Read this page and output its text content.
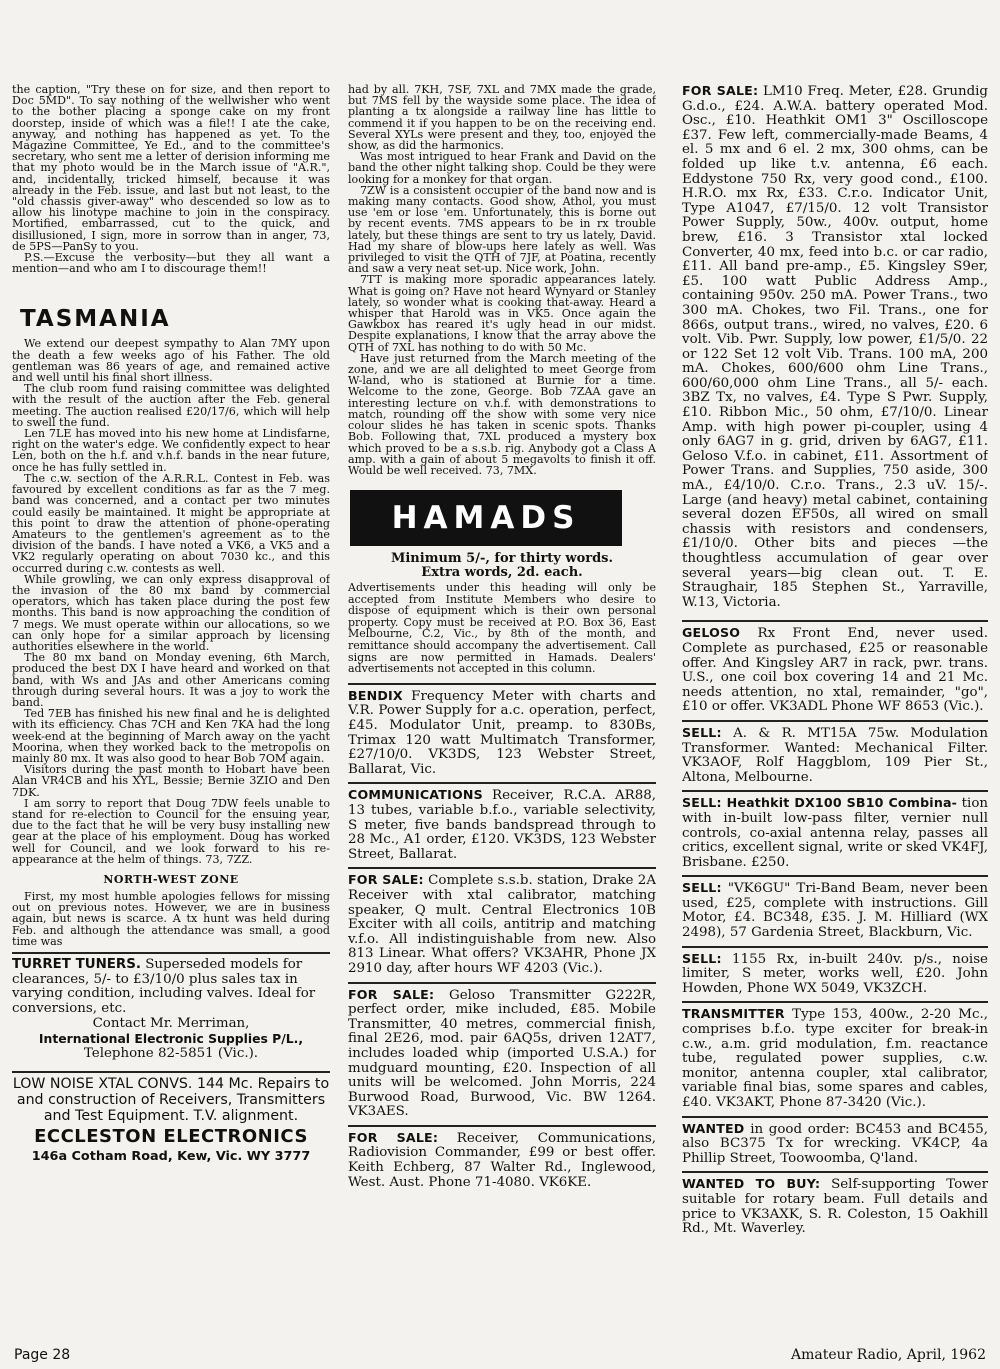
the caption, "Try these on for size, and then report to Doc 5MD". To say nothing of the wellwisher who went to the bother placing a sponge cake on my front doorstep, inside of which was a file!! I ate the cake, anyway, and nothing has happened as yet. To the Magazine Committee, Ye Ed., and to the committee's secretary, who sent me a letter of derision informing me that my photo would be in the March issue of "A.R.", and, incidentally, tricked himself, because it was already in the Feb. issue, and last but not least, to the "old chassis giver-away" who descended so low as to allow his linotype machine to join in the conspiracy. Mortified, embarrassed, cut to the quick, and disillusioned, I sign, more in sorrow than in anger, 73, de 5PS—PanSy to you.

P.S.—Excuse the verbosity—but they all want a mention—and who am I to discourage them!!

TASMANIA

We extend our deepest sympathy to Alan 7MY upon the death a few weeks ago of his Father. The old gentleman was 86 years of age, and remained active and well until his final short illness.

The club room fund raising committee was delighted with the result of the auction after the Feb. general meeting. The auction realised £20/17/6, which will help to swell the fund.

Len 7LE has moved into his new home at Lindisfarne, right on the water's edge. We confidently expect to hear Len, both on the h.f. and v.h.f. bands in the near future, once he has fully settled in.

The c.w. section of the A.R.R.L. Contest in Feb. was favoured by excellent conditions as far as the 7 meg. band was concerned, and a contact per two minutes could easily be maintained. It might be appropriate at this point to draw the attention of phone-operating Amateurs to the gentlemen's agreement as to the division of the bands. I have noted a VK6, a VK5 and a VK2 regularly operating on about 7030 kc., and this occurred during c.w. contests as well.

While growling, we can only express disapproval of the invasion of the 80 mx band by commercial operators, which has taken place during the post few months. This band is now approaching the condition of 7 megs. We must operate within our allocations, so we can only hope for a similar approach by licensing authorities elsewhere in the world.

The 80 mx band on Monday evening, 6th March, produced the best DX I have heard and worked on that band, with Ws and JAs and other Americans coming through during several hours. It was a joy to work the band.

Ted 7EB has finished his new final and he is delighted with its efficiency. Chas 7CH and Ken 7KA had the long week-end at the beginning of March away on the yacht Moorina, when they worked back to the metropolis on mainly 80 mx. It was also good to hear Bob 7OM again.

Visitors during the past month to Hobart have been Alan VR4CB and his XYL, Bessie; Bernie 3ZIO and Den 7DK.

I am sorry to report that Doug 7DW feels unable to stand for re-election to Council for the ensuing year, due to the fact that he will be very busy installing new gear at the place of his employment. Doug has worked well for Council, and we look forward to his re-appearance at the helm of things. 73, 7ZZ.

NORTH-WEST ZONE

First, my most humble apologies fellows for missing out on previous notes. However, we are in business again, but news is scarce. A tx hunt was held during Feb. and although the attendance was small, a good time was

TURRET TUNERS. Superseded models for clearances, 5/- to £3/10/0 plus sales tax in varying condition, including valves. Ideal for conversions, etc.

Contact Mr. Merriman,

International Electronic Supplies P/L.,

Telephone 82-5851 (Vic.).

LOW NOISE XTAL CONVS. 144 Mc. Repairs to and construction of Receivers, Transmitters and Test Equipment. T.V. alignment.

ECCLESTON ELECTRONICS

146a Cotham Road, Kew, Vic. WY 3777

had by all. 7KH, 7SF, 7XL and 7MX made the grade, but 7MS fell by the wayside some place. The idea of planting a tx alongside a railway line has little to commend it if you happen to be on the receiving end. Several XYLs were present and they, too, enjoyed the show, as did the harmonics.

Was most intrigued to hear Frank and David on the band the other night talking shop. Could be they were looking for a monkey for that organ.

7ZW is a consistent occupier of the band now and is making many contacts. Good show, Athol, you must use 'em or lose 'em. Unfortunately, this is borne out by recent events. 7MS appears to be in rx trouble lately, but these things are sent to try us lately, David. Had my share of blow-ups here lately as well. Was privileged to visit the QTH of 7JF, at Poatina, recently and saw a very neat set-up. Nice work, John.

7TT is making more sporadic appearances lately. What is going on? Have not heard Wynyard or Stanley lately, so wonder what is cooking that-away. Heard a whisper that Harold was in VK5. Once again the Gawkbox has reared it's ugly head in our midst. Despite explanations, I know that the array above the QTH of 7XL has nothing to do with 50 Mc.

Have just returned from the March meeting of the zone, and we are all delighted to meet George from W-land, who is stationed at Burnie for a time. Welcome to the zone, George. Bob 7ZAA gave an interesting lecture on v.h.f. with demonstrations to match, rounding off the show with some very nice colour slides he has taken in scenic spots. Thanks Bob. Following that, 7XL produced a mystery box which proved to be a s.s.b. rig. Anybody got a Class A amp. with a gain of about 5 megavolts to finish it off. Would be well received. 73, 7MX.

HAMADS

Minimum 5/-, for thirty words.

Extra words, 2d. each.

Advertisements under this heading will only be accepted from Institute Members who desire to dispose of equipment which is their own personal property. Copy must be received at P.O. Box 36, East Melbourne, C.2, Vic., by 8th of the month, and remittance should accompany the advertisement. Call signs are now permitted in Hamads. Dealers' advertisements not accepted in this column.

BENDIX Frequency Meter with charts and V.R. Power Supply for a.c. operation, perfect, £45. Modulator Unit, preamp. to 830Bs, Trimax 120 watt Multimatch Transformer, £27/10/0. VK3DS, 123 Webster Street, Ballarat, Vic.

COMMUNICATIONS Receiver, R.C.A. AR88, 13 tubes, variable b.f.o., variable selectivity, S meter, five bands bandspread through to 28 Mc., A1 order, £120. VK3DS, 123 Webster Street, Ballarat.

FOR SALE: Complete s.s.b. station, Drake 2A Receiver with xtal calibrator, matching speaker, Q mult. Central Electronics 10B Exciter with all coils, antitrip and matching v.f.o. All indistinguishable from new. Also 813 Linear. What offers? VK3AHR, Phone JX 2910 day, after hours WF 4203 (Vic.).

FOR SALE: Geloso Transmitter G222R, perfect order, mike included, £85. Mobile Transmitter, 40 metres, commercial finish, final 2E26, mod. pair 6AQ5s, driven 12AT7, includes loaded whip (imported U.S.A.) for mudguard mounting, £20. Inspection of all units will be welcomed. John Morris, 224 Burwood Road, Burwood, Vic. BW 1264. VK3AES.

FOR SALE: Receiver, Communications, Radiovision Commander, £99 or best offer. Keith Echberg, 87 Walter Rd., Inglewood, West. Aust. Phone 71-4080. VK6KE.

FOR SALE: LM10 Freq. Meter, £28. Grundig G.d.o., £24. A.W.A. battery operated Mod. Osc., £10. Heathkit OM1 3" Oscilloscope £37. Few left, commercially-made Beams, 4 el. 5 mx and 6 el. 2 mx, 300 ohms, can be folded up like t.v. antenna, £6 each. Eddystone 750 Rx, very good cond., £100. H.R.O. mx Rx, £33. C.r.o. Indicator Unit, Type A1047, £7/15/0. 12 volt Transistor Power Supply, 50w., 400v. output, home brew, £16. 3 Transistor xtal locked Converter, 40 mx, feed into b.c. or car radio, £11. All band pre-amp., £5. Kingsley S9er, £5. 100 watt Public Address Amp., containing 950v. 250 mA. Power Trans., two 300 mA. Chokes, two Fil. Trans., one for 866s, output trans., wired, no valves, £20. 6 volt. Vib. Pwr. Supply, low power, £1/5/0. 22 or 122 Set 12 volt Vib. Trans. 100 mA, 200 mA. Chokes, 600/600 ohm Line Trans., 600/60,000 ohm Line Trans., all 5/- each. 3BZ Tx, no valves, £4. Type S Pwr. Supply, £10. Ribbon Mic., 50 ohm, £7/10/0. Linear Amp. with high power pi-coupler, using 4 only 6AG7 in g. grid, driven by 6AG7, £11. Geloso V.f.o. in cabinet, £11. Assortment of Power Trans. and Supplies, 750 aside, 300 mA., £4/10/0. C.r.o. Trans., 2.3 uV. 15/-. Large (and heavy) metal cabinet, containing several dozen EF50s, all wired on small chassis with resistors and condensers, £1/10/0. Other bits and pieces —the thoughtless accumulation of gear over several years—big clean out. T. E. Straughair, 185 Stephen St., Yarraville, W.13, Victoria.

GELOSO Rx Front End, never used. Complete as purchased, £25 or reasonable offer. And Kingsley AR7 in rack, pwr. trans. U.S., one coil box covering 14 and 21 Mc. needs attention, no xtal, remainder, "go", £10 or offer. VK3ADL Phone WF 8653 (Vic.).

SELL: A. & R. MT15A 75w. Modulation Transformer. Wanted: Mechanical Filter. VK3AOF, Rolf Haggblom, 109 Pier St., Altona, Melbourne.

SELL: Heathkit DX100 SB10 Combina- tion with in-built low-pass filter, vernier null controls, co-axial antenna relay, passes all critics, excellent signal, write or sked VK4FJ, Brisbane. £250.

SELL: "VK6GU" Tri-Band Beam, never been used, £25, complete with instructions. Gill Motor, £4. BC348, £35. J. M. Hilliard (WX 2498), 57 Gardenia Street, Blackburn, Vic.

SELL: 1155 Rx, in-built 240v. p/s., noise limiter, S meter, works well, £20. John Howden, Phone WX 5049, VK3ZCH.

TRANSMITTER Type 153, 400w., 2-20 Mc., comprises b.f.o. type exciter for break-in c.w., a.m. grid modulation, f.m. reactance tube, regulated power supplies, c.w. monitor, antenna coupler, xtal calibrator, variable final bias, some spares and cables, £40. VK3AKT, Phone 87-3420 (Vic.).

WANTED in good order: BC453 and BC455, also BC375 Tx for wrecking. VK4CP, 4a Phillip Street, Toowoomba, Q'land.

WANTED TO BUY: Self-supporting Tower suitable for rotary beam. Full details and price to VK3AXK, S. R. Coleston, 15 Oakhill Rd., Mt. Waverley.

Page 28	Amateur Radio, April, 1962
